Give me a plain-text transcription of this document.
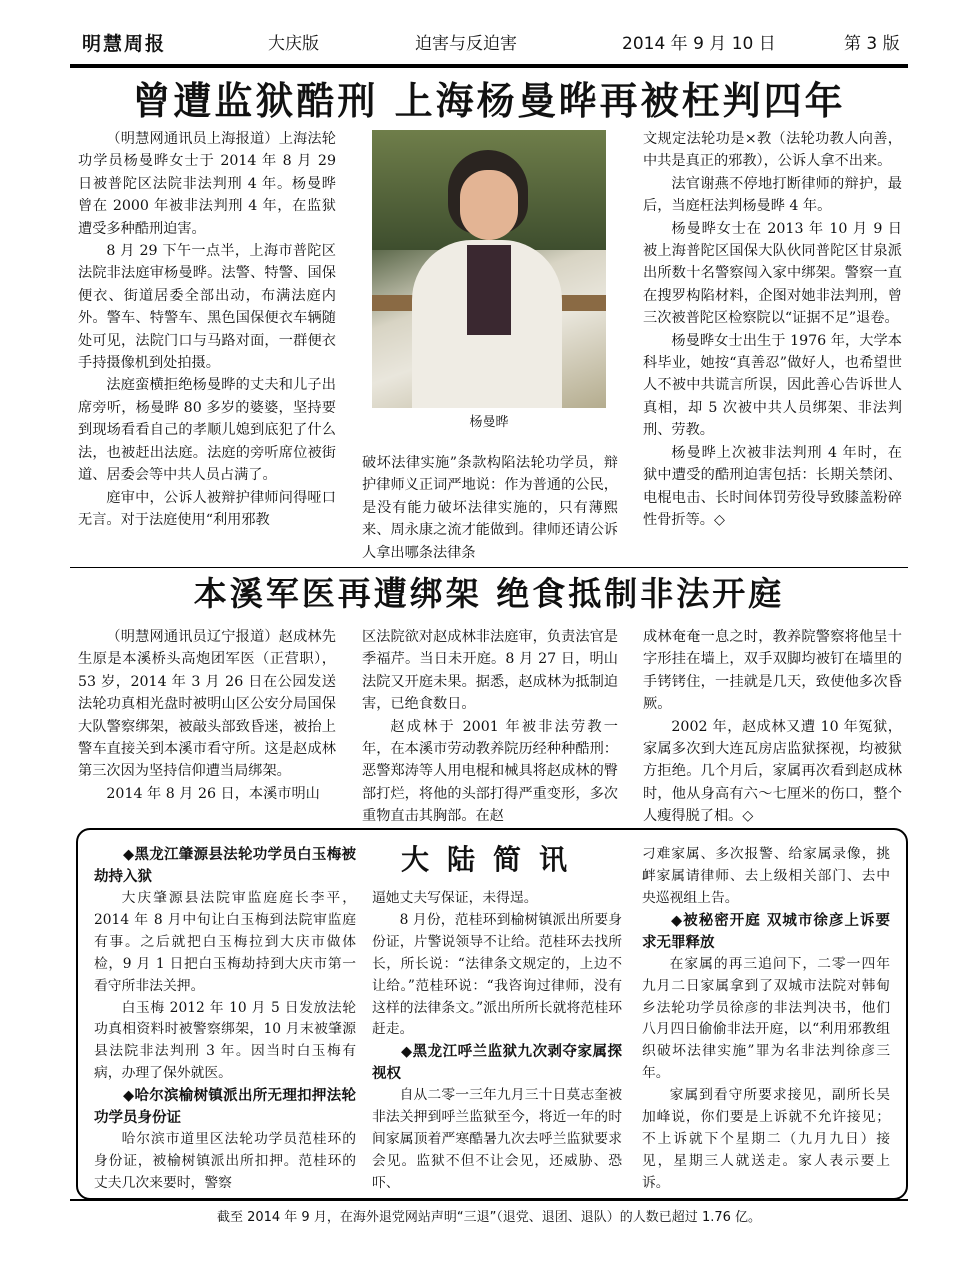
明慧周报	大庆版	迫害与反迫害	2014 年 9 月 10 日	第 3 版
曾遭监狱酷刑 上海杨曼晔再被枉判四年

（明慧网通讯员上海报道）上海法轮功学员杨曼晔女士于 2014 年 8 月 29 日被普陀区法院非法判刑 4 年。杨曼晔曾在 2000 年被非法判刑 4 年，在监狱遭受多种酷刑迫害。

8 月 29 下午一点半，上海市普陀区法院非法庭审杨曼晔。法警、特警、国保便衣、街道居委全部出动，布满法庭内外。警车、特警车、黑色国保便衣车辆随处可见，法院门口与马路对面，一群便衣手持摄像机到处拍摄。

法庭蛮横拒绝杨曼晔的丈夫和儿子出席旁听，杨曼晔 80 多岁的婆婆，坚持要到现场看看自己的孝顺儿媳到底犯了什么法，也被赶出法庭。法庭的旁听席位被街道、居委会等中共人员占满了。

庭审中，公诉人被辩护律师问得哑口无言。对于法庭使用“利用邪教

杨曼晔

破坏法律实施”条款构陷法轮功学员，辩护律师义正词严地说：作为普通的公民，是没有能力破坏法律实施的，只有薄熙来、周永康之流才能做到。律师还请公诉人拿出哪条法律条

文规定法轮功是×教（法轮功教人向善，中共是真正的邪教），公诉人拿不出来。

法官谢燕不停地打断律师的辩护，最后，当庭枉法判杨曼晔 4 年。

杨曼晔女士在 2013 年 10 月 9 日被上海普陀区国保大队伙同普陀区甘泉派出所数十名警察闯入家中绑架。警察一直在搜罗构陷材料，企图对她非法判刑，曾三次被普陀区检察院以“证据不足”退卷。

杨曼晔女士出生于 1976 年，大学本科毕业，她按“真善忍”做好人，也希望世人不被中共谎言所误，因此善心告诉世人真相，却 5 次被中共人员绑架、非法判刑、劳教。

杨曼晔上次被非法判刑 4 年时，在狱中遭受的酷刑迫害包括：长期关禁闭、电棍电击、长时间体罚劳役导致膝盖粉碎性骨折等。◇

本溪军医再遭绑架 绝食抵制非法开庭

（明慧网通讯员辽宁报道）赵成林先生原是本溪桥头高炮团军医（正营职），53 岁，2014 年 3 月 26 日在公园发送法轮功真相光盘时被明山区公安分局国保大队警察绑架，被敲头部致昏迷，被抬上警车直接关到本溪市看守所。这是赵成林第三次因为坚持信仰遭当局绑架。

2014 年 8 月 26 日，本溪市明山

区法院欲对赵成林非法庭审，负责法官是季福芹。当日未开庭。8 月 27 日，明山法院又开庭未果。据悉，赵成林为抵制迫害，已绝食数日。

赵成林于 2001 年被非法劳教一年，在本溪市劳动教养院历经种种酷刑：恶警郑涛等人用电棍和械具将赵成林的臀部打烂，将他的头部打得严重变形，多次重物直击其胸部。在赵

成林奄奄一息之时，教养院警察将他呈十字形挂在墙上，双手双脚均被钉在墙里的手铐铐住，一挂就是几天，致使他多次昏厥。

2002 年，赵成林又遭 10 年冤狱，家属多次到大连瓦房店监狱探视，均被狱方拒绝。几个月后，家属再次看到赵成林时，他从身高有六～七厘米的伤口，整个人瘦得脱了相。◇

大陆简讯

◆黑龙江肇源县法轮功学员白玉梅被劫持入狱

大庆肇源县法院审监庭庭长李平，2014 年 8 月中旬让白玉梅到法院审监庭有事。之后就把白玉梅拉到大庆市做体检，9 月 1 日把白玉梅劫持到大庆市第一看守所非法关押。

白玉梅 2012 年 10 月 5 日发放法轮功真相资料时被警察绑架，10 月末被肇源县法院非法判刑 3 年。因当时白玉梅有病，办理了保外就医。

◆哈尔滨榆树镇派出所无理扣押法轮功学员身份证

哈尔滨市道里区法轮功学员范桂环的身份证，被榆树镇派出所扣押。范桂环的丈夫几次来要时，警察

逼她丈夫写保证，未得逞。

8 月份，范桂环到榆树镇派出所要身份证，片警说领导不让给。范桂环去找所长，所长说：“法律条文规定的，上边不让给。”范桂环说：“我咨询过律师，没有这样的法律条文。”派出所所长就将范桂环赶走。

◆黑龙江呼兰监狱九次剥夺家属探视权

自从二零一三年九月三十日莫志奎被非法关押到呼兰监狱至今，将近一年的时间家属顶着严寒酷暑九次去呼兰监狱要求会见。监狱不但不让会见，还威胁、恐吓、

刁难家属、多次报警、给家属录像，挑衅家属请律师、去上级相关部门、去中央巡视组上告。

◆被秘密开庭 双城市徐彦上诉要求无罪释放

在家属的再三追问下，二零一四年九月二日家属拿到了双城市法院对韩甸乡法轮功学员徐彦的非法判决书，他们八月四日偷偷非法开庭，以“利用邪教组织破坏法律实施”罪为名非法判徐彦三年。

家属到看守所要求接见，副所长吴加峰说，你们要是上诉就不允许接见；不上诉就下个星期二（九月九日）接见，星期三人就送走。家人表示要上诉。

截至 2014 年 9 月，在海外退党网站声明“三退”（退党、退团、退队）的人数已超过 1.76 亿。
